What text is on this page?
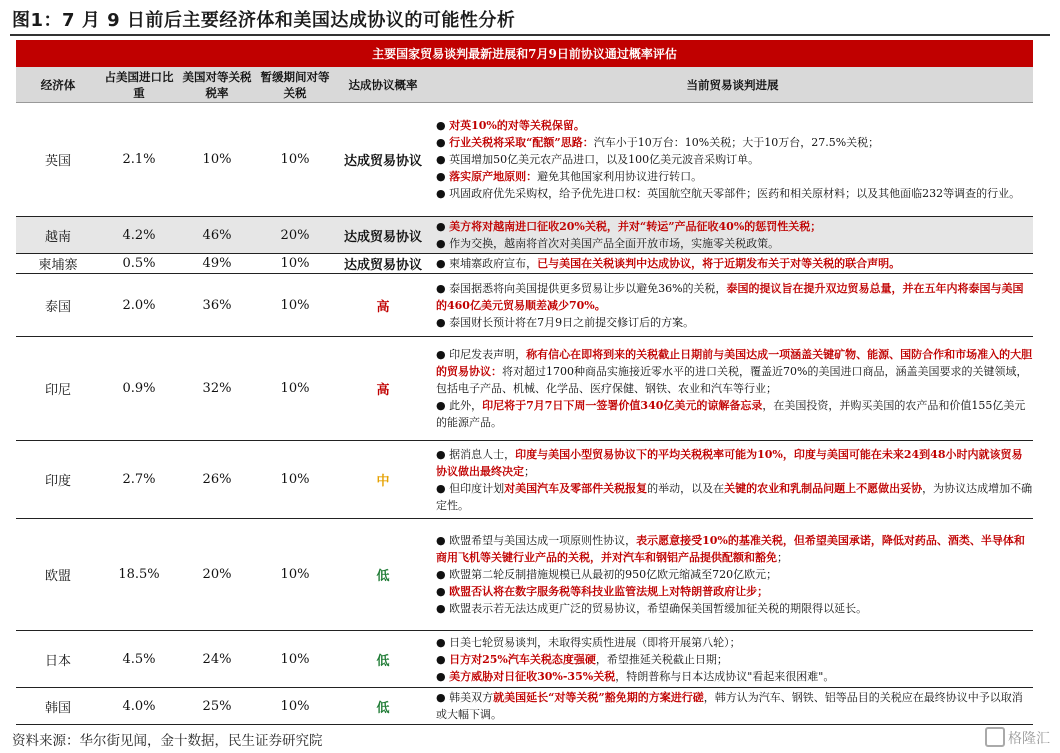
图1：7 月 9 日前后主要经济体和美国达成协议的可能性分析
主要国家贸易谈判最新进展和7月9日前协议通过概率评估					
经济体	占美国进口比重	美国对等关税税率	暂缓期间对等关税	达成协议概率	当前贸易谈判进展
英国	2.1%	10%	10%	达成贸易协议	● 对英10%的对等关税保留。
● 行业关税将采取“配额”思路：汽车小于10万台：10%关税；大于10万台，27.5%关税；
● 英国增加50亿美元农产品进口，以及100亿美元波音采购订单。
● 落实原产地原则：避免其他国家利用协议进行转口。
● 巩固政府优先采购权，给予优先进口权：英国航空航天零部件；医药和相关原材料；以及其他面临232等调查的行业。

越南	4.2%	46%	20%	达成贸易协议	● 美方将对越南进口征收20%关税，并对“转运”产品征收40%的惩罚性关税；
● 作为交换，越南将首次对美国产品全面开放市场，实施零关税政策。

柬埔寨	0.5%	49%	10%	达成贸易协议	● 柬埔寨政府宣布，已与美国在关税谈判中达成协议，将于近期发布关于对等关税的联合声明。

泰国	2.0%	36%	10%	高	● 泰国据悉将向美国提供更多贸易让步以避免36%的关税，泰国的提议旨在提升双边贸易总量，并在五年内将泰国与美国的460亿美元贸易顺差减少70%。
● 泰国财长预计将在7月9日之前提交修订后的方案。

印尼	0.9%	32%	10%	高	● 印尼发表声明，称有信心在即将到来的关税截止日期前与美国达成一项涵盖关键矿物、能源、国防合作和市场准入的大胆的贸易协议：将对超过1700种商品实施接近零水平的进口关税，覆盖近70%的美国进口商品，涵盖美国要求的关键领域，包括电子产品、机械、化学品、医疗保健、钢铁、农业和汽车等行业；
● 此外，印尼将于7月7日下周一签署价值340亿美元的谅解备忘录，在美国投资，并购买美国的农产品和价值155亿美元的能源产品。

印度	2.7%	26%	10%	中	● 据消息人士，印度与美国小型贸易协议下的平均关税税率可能为10%，印度与美国可能在未来24到48小时内就该贸易协议做出最终决定；
● 但印度计划对美国汽车及零部件关税报复的举动，以及在关键的农业和乳制品问题上不愿做出妥协，为协议达成增加不确定性。

欧盟	18.5%	20%	10%	低	● 欧盟希望与美国达成一项原则性协议，表示愿意接受10%的基准关税，但希望美国承诺，降低对药品、酒类、半导体和商用飞机等关键行业产品的关税，并对汽车和钢铝产品提供配额和豁免；
● 欧盟第二轮反制措施规模已从最初的950亿欧元缩减至720亿欧元；
● 欧盟否认将在数字服务税等科技业监管法规上对特朗普政府让步；
● 欧盟表示若无法达成更广泛的贸易协议，希望确保美国暂缓加征关税的期限得以延长。

日本	4.5%	24%	10%	低	● 日美七轮贸易谈判，未取得实质性进展（即将开展第八轮）；
● 日方对25%汽车关税态度强硬，希望推延关税截止日期；
● 美方威胁对日征收30%-35%关税，特朗普称与日本达成协议"看起来很困难"。

韩国	4.0%	25%	10%	低	● 韩美双方就美国延长“对等关税”豁免期的方案进行磋，韩方认为汽车、钢铁、铝等品目的关税应在最终协议中予以取消或大幅下调。
资料来源：华尔街见闻，金十数据，民生证券研究院	格隆汇
